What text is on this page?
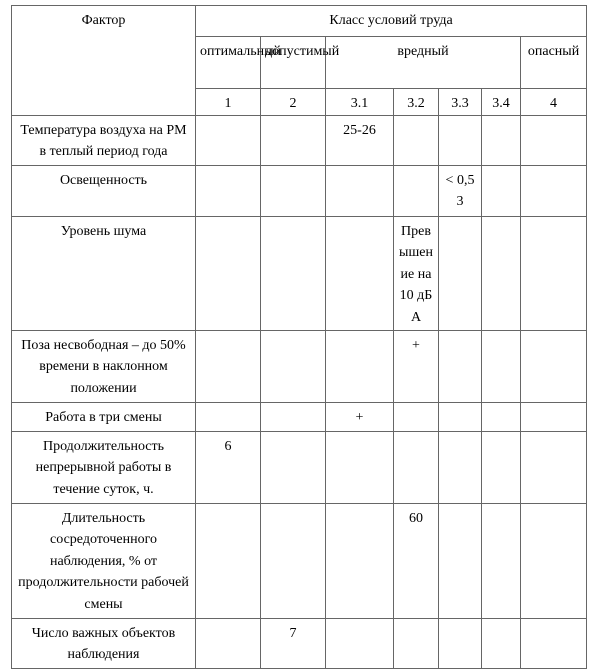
Фактор	Класс условий труда						
	оптимальный	допустимый	вредный				опасный
	1	2	3.1	3.2	3.3	3.4	4
Температура воздуха на РМ в теплый период года			25-26				
Освещенность					< 0,53		
Уровень шума				Превышение на 10 дБА			
Поза несвободная – до 50% времени в наклонном положении				+			
Работа в три смены			+				
Продолжительность непрерывной работы в течение суток, ч.	6						
Длительность сосредоточенного наблюдения, % от продолжительности рабочей смены				60			
Число важных объектов наблюдения		7					
